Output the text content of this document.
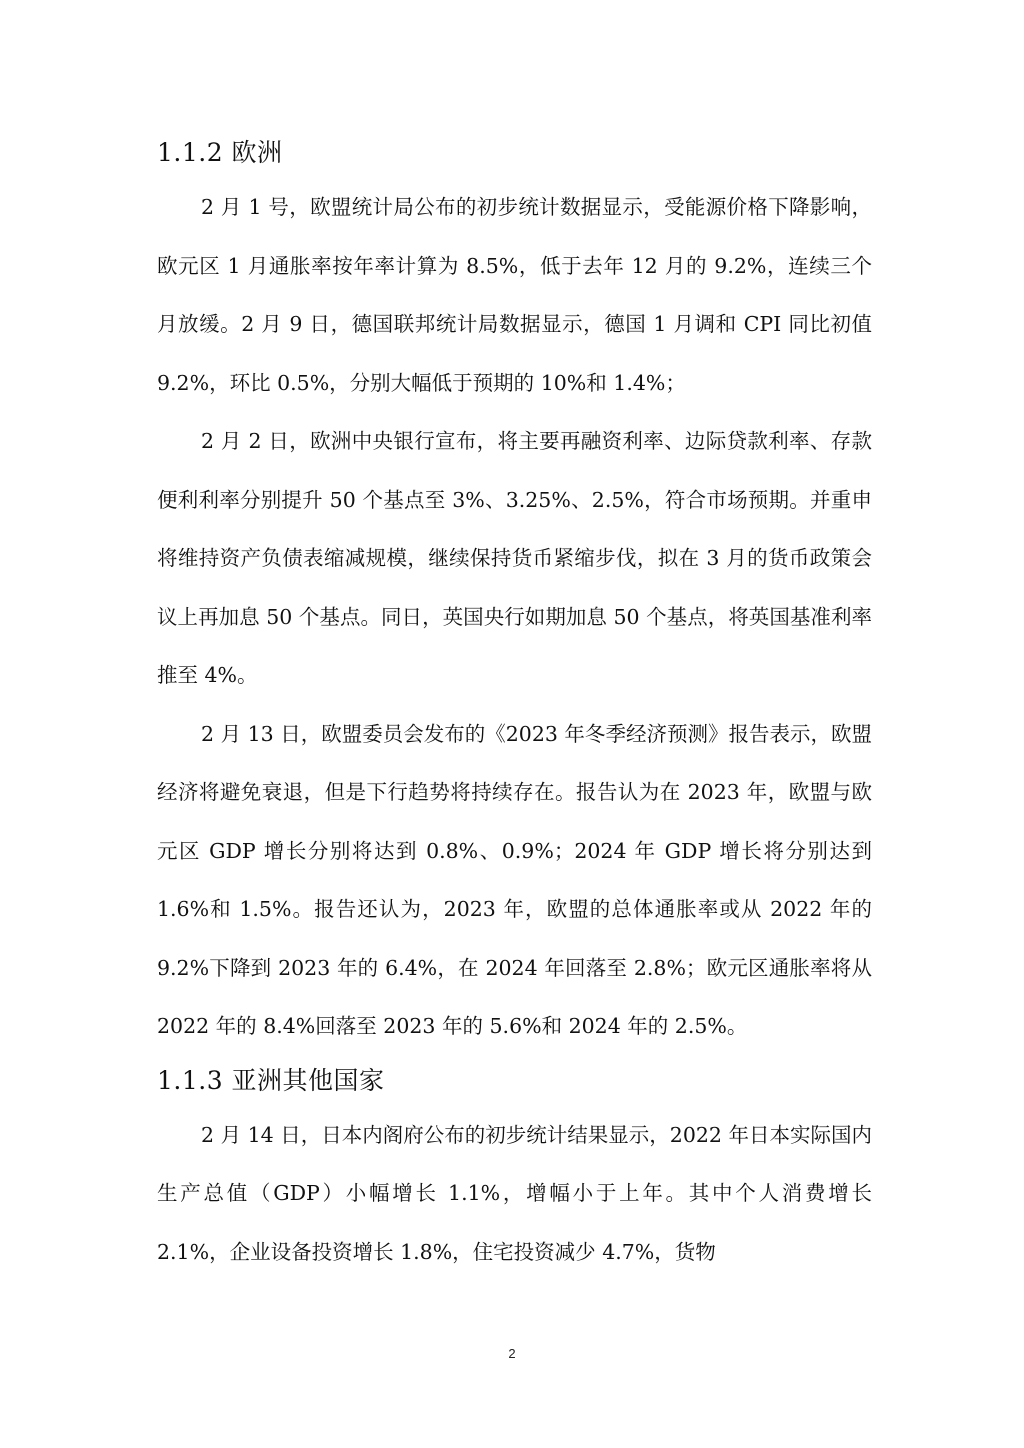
1.1.2 欧洲

2 月 1 号，欧盟统计局公布的初步统计数据显示，受能源价格下降影响，欧元区 1 月通胀率按年率计算为 8.5%，低于去年 12 月的 9.2%，连续三个月放缓。2 月 9 日，德国联邦统计局数据显示，德国 1 月调和 CPI 同比初值 9.2%，环比 0.5%，分别大幅低于预期的 10%和 1.4%；

2 月 2 日，欧洲中央银行宣布，将主要再融资利率、边际贷款利率、存款便利利率分别提升 50 个基点至 3%、3.25%、2.5%，符合市场预期。并重申将维持资产负债表缩减规模，继续保持货币紧缩步伐，拟在 3 月的货币政策会议上再加息 50 个基点。同日，英国央行如期加息 50 个基点，将英国基准利率推至 4%。

2 月 13 日，欧盟委员会发布的《2023 年冬季经济预测》报告表示，欧盟经济将避免衰退，但是下行趋势将持续存在。报告认为在 2023 年，欧盟与欧元区 GDP 增长分别将达到 0.8%、0.9%；2024 年 GDP 增长将分别达到 1.6%和 1.5%。报告还认为，2023 年，欧盟的总体通胀率或从 2022 年的 9.2%下降到 2023 年的 6.4%，在 2024 年回落至 2.8%；欧元区通胀率将从 2022 年的 8.4%回落至 2023 年的 5.6%和 2024 年的 2.5%。

1.1.3 亚洲其他国家

2 月 14 日，日本内阁府公布的初步统计结果显示，2022 年日本实际国内生产总值（GDP）小幅增长 1.1%，增幅小于上年。其中个人消费增长 2.1%，企业设备投资增长 1.8%，住宅投资减少 4.7%，货物

2
